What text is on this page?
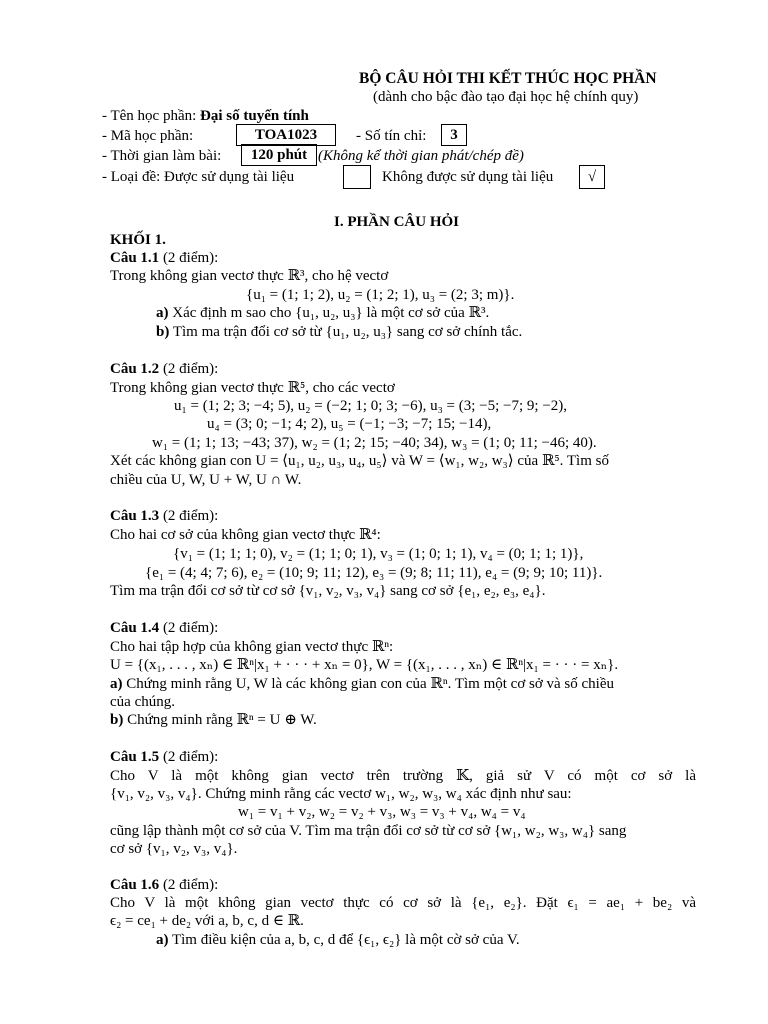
BỘ CÂU HỎI THI KẾT THÚC HỌC PHẦN
(dành cho bậc đào tạo đại học hệ chính quy)
- Tên học phần: Đại số tuyến tính
- Mã học phần:	TOA1023	- Số tín chỉ:	3
- Thời gian làm bài:	120 phút (Không kể thời gian phát/chép đề)
- Loại đề: Được sử dụng tài liệu	Không được sử dụng tài liệu	√
I. PHẦN CÂU HỎI
KHỐI 1.
Câu 1.1 (2 điểm):
Trong không gian vectơ thực ℝ³, cho hệ vectơ
{u₁ = (1; 1; 2), u₂ = (1; 2; 1), u₃ = (2; 3; m)}.
a) Xác định m sao cho {u₁, u₂, u₃} là một cơ sở của ℝ³.
b) Tìm ma trận đổi cơ sở từ {u₁, u₂, u₃} sang cơ sở chính tắc.
Câu 1.2 (2 điểm):
Trong không gian vectơ thực ℝ⁵, cho các vectơ
u₁ = (1; 2; 3; −4; 5), u₂ = (−2; 1; 0; 3; −6), u₃ = (3; −5; −7; 9; −2),
u₄ = (3; 0; −1; 4; 2), u₅ = (−1; −3; −7; 15; −14),
w₁ = (1; 1; 13; −43; 37), w₂ = (1; 2; 15; −40; 34), w₃ = (1; 0; 11; −46; 40).
Xét các không gian con U = ⟨u₁, u₂, u₃, u₄, u₅⟩ và W = ⟨w₁, w₂, w₃⟩ của ℝ⁵. Tìm số
chiều của U, W, U + W, U ∩ W.
Câu 1.3 (2 điểm):
Cho hai cơ sở của không gian vectơ thực ℝ⁴:
{v₁ = (1; 1; 1; 0), v₂ = (1; 1; 0; 1), v₃ = (1; 0; 1; 1), v₄ = (0; 1; 1; 1)},
{e₁ = (4; 4; 7; 6), e₂ = (10; 9; 11; 12), e₃ = (9; 8; 11; 11), e₄ = (9; 9; 10; 11)}.
Tìm ma trận đổi cơ sở từ cơ sở {v₁, v₂, v₃, v₄} sang cơ sở {e₁, e₂, e₃, e₄}.
Câu 1.4 (2 điểm):
Cho hai tập hợp của không gian vectơ thực ℝⁿ:
U = {(x₁, . . . , xₙ) ∈ ℝⁿ|x₁ + · · · + xₙ = 0}, W = {(x₁, . . . , xₙ) ∈ ℝⁿ|x₁ = · · · = xₙ}.
a) Chứng minh rằng U, W là các không gian con của ℝⁿ. Tìm một cơ sở và số chiều
của chúng.
b) Chứng minh rằng ℝⁿ = U ⊕ W.
Câu 1.5 (2 điểm):
Cho V là một không gian vectơ trên trường 𝕂, giả sử V có một cơ sở là
{v₁, v₂, v₃, v₄}. Chứng minh rằng các vectơ w₁, w₂, w₃, w₄ xác định như sau:
w₁ = v₁ + v₂, w₂ = v₂ + v₃, w₃ = v₃ + v₄, w₄ = v₄
cũng lập thành một cơ sở của V. Tìm ma trận đổi cơ sở từ cơ sở {w₁, w₂, w₃, w₄} sang
cơ sở {v₁, v₂, v₃, v₄}.
Câu 1.6 (2 điểm):
Cho V là một không gian vectơ thực có cơ sở là {e₁, e₂}. Đặt ϵ₁ = ae₁ + be₂ và
ϵ₂ = ce₁ + de₂ với a, b, c, d ∈ ℝ.
a) Tìm điều kiện của a, b, c, d để {ϵ₁, ϵ₂} là một cờ sở của V.
